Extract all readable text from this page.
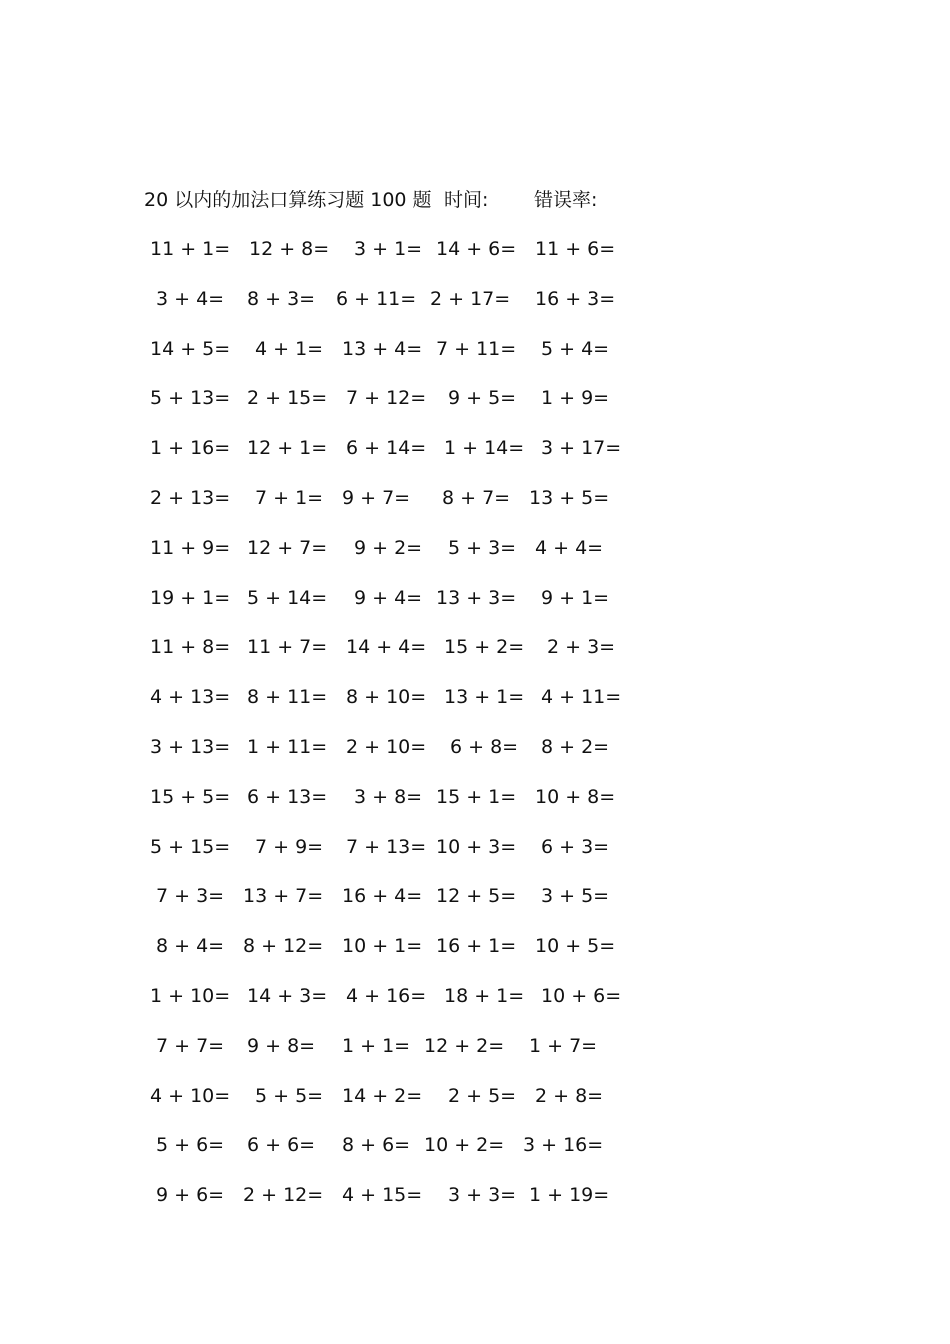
20 以内的加法口算练习题 100 题 时间: 错误率:
11 + 1= 12 + 8= 3 + 1= 14 + 6= 11 + 6=
3 + 4= 8 + 3= 6 + 11= 2 + 17= 16 + 3=
14 + 5= 4 + 1= 13 + 4= 7 + 11= 5 + 4=
5 + 13= 2 + 15= 7 + 12= 9 + 5= 1 + 9=
1 + 16= 12 + 1= 6 + 14= 1 + 14= 3 + 17=
2 + 13= 7 + 1= 9 + 7= 8 + 7= 13 + 5=
11 + 9= 12 + 7= 9 + 2= 5 + 3= 4 + 4=
19 + 1= 5 + 14= 9 + 4= 13 + 3= 9 + 1=
11 + 8= 11 + 7= 14 + 4= 15 + 2= 2 + 3=
4 + 13= 8 + 11= 8 + 10= 13 + 1= 4 + 11=
3 + 13= 1 + 11= 2 + 10= 6 + 8= 8 + 2=
15 + 5= 6 + 13= 3 + 8= 15 + 1= 10 + 8=
5 + 15= 7 + 9= 7 + 13= 10 + 3= 6 + 3=
7 + 3= 13 + 7= 16 + 4= 12 + 5= 3 + 5=
8 + 4= 8 + 12= 10 + 1= 16 + 1= 10 + 5=
1 + 10= 14 + 3= 4 + 16= 18 + 1= 10 + 6=
7 + 7= 9 + 8= 1 + 1= 12 + 2= 1 + 7=
4 + 10= 5 + 5= 14 + 2= 2 + 5= 2 + 8=
5 + 6= 6 + 6= 8 + 6= 10 + 2= 3 + 16=
9 + 6= 2 + 12= 4 + 15= 3 + 3= 1 + 19=
